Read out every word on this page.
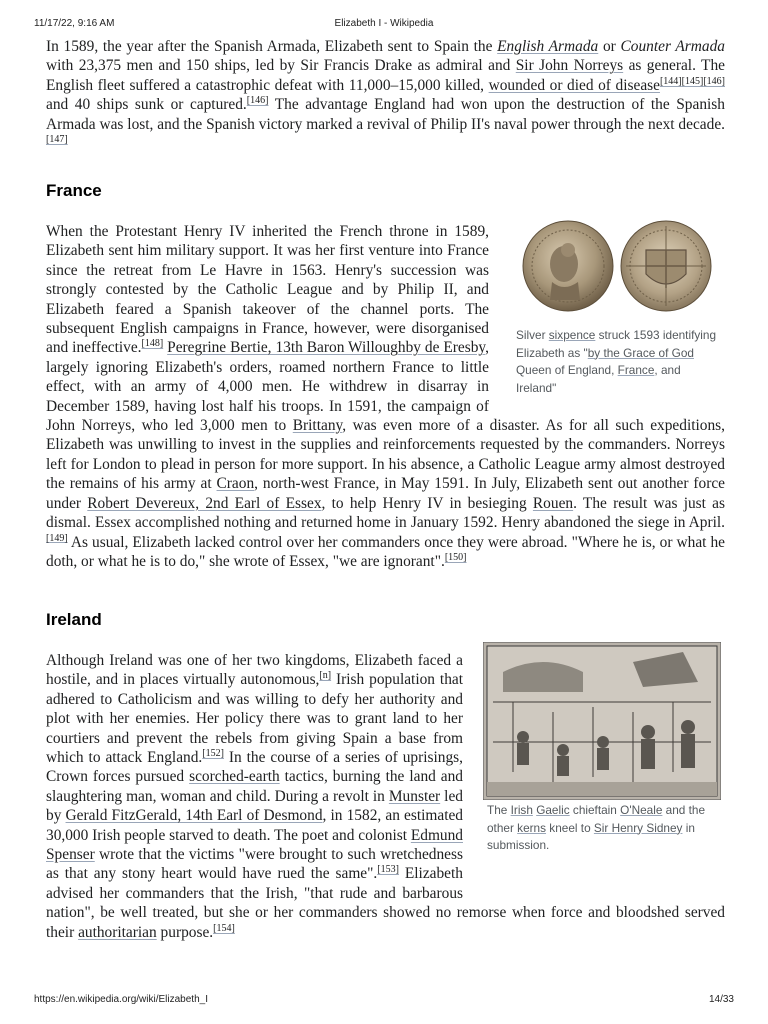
11/17/22, 9:16 AM	Elizabeth I - Wikipedia

In 1589, the year after the Spanish Armada, Elizabeth sent to Spain the English Armada or Counter Armada with 23,375 men and 150 ships, led by Sir Francis Drake as admiral and Sir John Norreys as general. The English fleet suffered a catastrophic defeat with 11,000–15,000 killed, wounded or died of disease[144][145][146] and 40 ships sunk or captured.[146] The advantage England had won upon the destruction of the Spanish Armada was lost, and the Spanish victory marked a revival of Philip II's naval power through the next decade.[147]

France

Silver sixpence struck 1593 identifying Elizabeth as "by the Grace of God Queen of England, France, and Ireland"

When the Protestant Henry IV inherited the French throne in 1589, Elizabeth sent him military support. It was her first venture into France since the retreat from Le Havre in 1563. Henry's succession was strongly contested by the Catholic League and by Philip II, and Elizabeth feared a Spanish takeover of the channel ports. The subsequent English campaigns in France, however, were disorganised and ineffective.[148] Peregrine Bertie, 13th Baron Willoughby de Eresby, largely ignoring Elizabeth's orders, roamed northern France to little effect, with an army of 4,000 men. He withdrew in disarray in December 1589, having lost half his troops. In 1591, the campaign of John Norreys, who led 3,000 men to Brittany, was even more of a disaster. As for all such expeditions, Elizabeth was unwilling to invest in the supplies and reinforcements requested by the commanders. Norreys left for London to plead in person for more support. In his absence, a Catholic League army almost destroyed the remains of his army at Craon, north-west France, in May 1591. In July, Elizabeth sent out another force under Robert Devereux, 2nd Earl of Essex, to help Henry IV in besieging Rouen. The result was just as dismal. Essex accomplished nothing and returned home in January 1592. Henry abandoned the siege in April.[149] As usual, Elizabeth lacked control over her commanders once they were abroad. "Where he is, or what he doth, or what he is to do," she wrote of Essex, "we are ignorant".[150]

Ireland

The Irish Gaelic chieftain O'Neale and the other kerns kneel to Sir Henry Sidney in submission.

Although Ireland was one of her two kingdoms, Elizabeth faced a hostile, and in places virtually autonomous,[n] Irish population that adhered to Catholicism and was willing to defy her authority and plot with her enemies. Her policy there was to grant land to her courtiers and prevent the rebels from giving Spain a base from which to attack England.[152] In the course of a series of uprisings, Crown forces pursued scorched-earth tactics, burning the land and slaughtering man, woman and child. During a revolt in Munster led by Gerald FitzGerald, 14th Earl of Desmond, in 1582, an estimated 30,000 Irish people starved to death. The poet and colonist Edmund Spenser wrote that the victims "were brought to such wretchedness as that any stony heart would have rued the same".[153] Elizabeth advised her commanders that the Irish, "that rude and barbarous nation", be well treated, but she or her commanders showed no remorse when force and bloodshed served their authoritarian purpose.[154]

https://en.wikipedia.org/wiki/Elizabeth_I	14/33
